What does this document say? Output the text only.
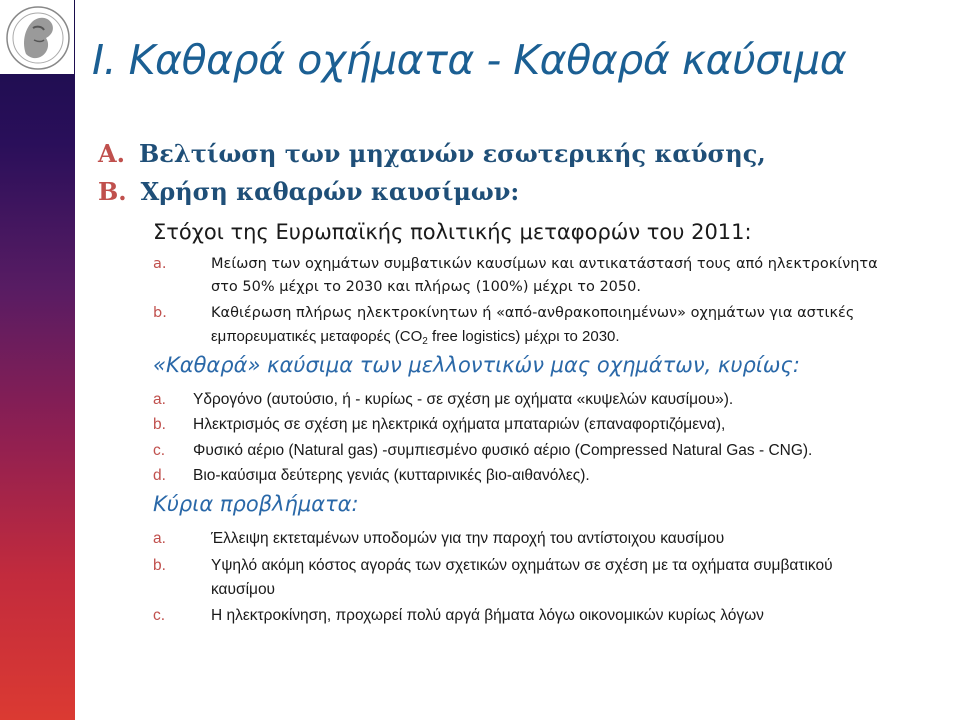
I. Καθαρά οχήματα - Καθαρά καύσιμα
A. Βελτίωση των μηχανών εσωτερικής καύσης,
B. Χρήση καθαρών καυσίμων:
Στόχοι της Ευρωπαϊκής πολιτικής μεταφορών του 2011:
a.	Μείωση των οχημάτων συμβατικών καυσίμων και αντικατάστασή τους από ηλεκτροκίνητα
στο 50% μέχρι το 2030 και πλήρως (100%) μέχρι το 2050.
b.	Καθιέρωση πλήρως ηλεκτροκίνητων ή «από-ανθρακοποιημένων» οχημάτων για αστικές
εμπορευματικές μεταφορές ($CO_2$ free logistics) μέχρι το 2030.
«Καθαρά» καύσιμα των μελλοντικών μας οχημάτων, κυρίως:
a. Υδρογόνο (αυτούσιο, ή - κυρίως - σε σχέση με οχήματα «κυψελών καυσίμου»).
b. Ηλεκτρισμός σε σχέση με ηλεκτρικά οχήματα μπαταριών (επαναφορτιζόμενα),
c. Φυσικό αέριο (Natural gas) -συμπιεσμένο φυσικό αέριο (Compressed Natural Gas - CNG).
d. Βιο-καύσιμα δεύτερης γενιάς (κυτταρινικές βιο-αιθανόλες).
Κύρια προβλήματα:
a.	Έλλειψη εκτεταμένων υποδομών για την παροχή του αντίστοιχου καυσίμου
b.	Υψηλό ακόμη κόστος αγοράς των σχετικών οχημάτων σε σχέση με τα οχήματα συμβατικού
καυσίμου
c.	Η ηλεκτροκίνηση, προχωρεί πολύ αργά βήματα λόγω οικονομικών κυρίως λόγων
